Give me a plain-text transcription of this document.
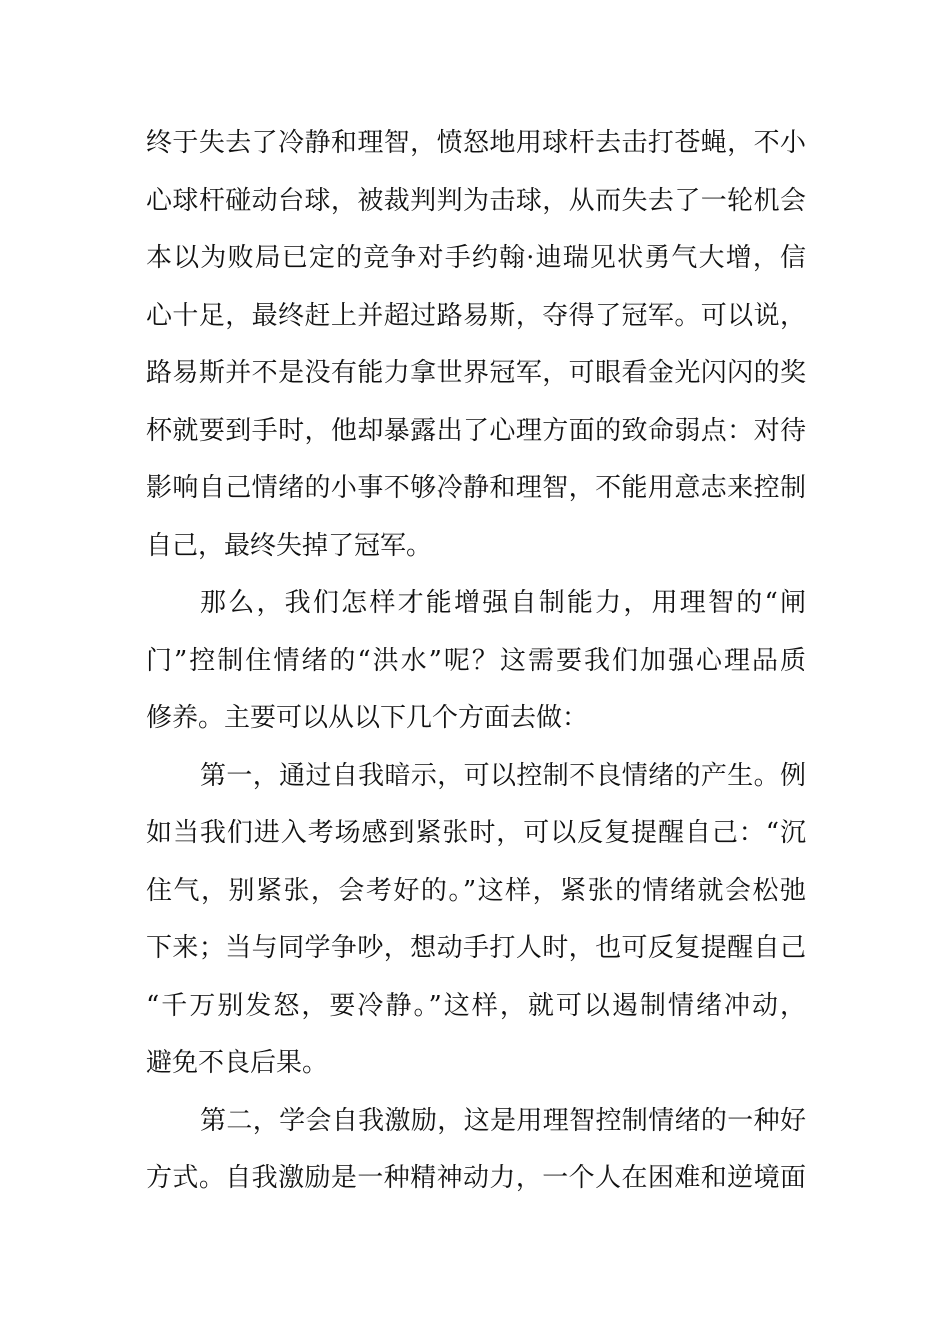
终于失去了冷静和理智，愤怒地用球杆去击打苍蝇，不小
心球杆碰动台球，被裁判判为击球，从而失去了一轮机会
本以为败局已定的竞争对手约翰·迪瑞见状勇气大增，信
心十足，最终赶上并超过路易斯，夺得了冠军。可以说，
路易斯并不是没有能力拿世界冠军，可眼看金光闪闪的奖
杯就要到手时，他却暴露出了心理方面的致命弱点：对待
影响自己情绪的小事不够冷静和理智，不能用意志来控制
自己，最终失掉了冠军。
那么，我们怎样才能增强自制能力，用理智的“闸
门”控制住情绪的“洪水”呢？这需要我们加强心理品质
修养。主要可以从以下几个方面去做：
第一，通过自我暗示，可以控制不良情绪的产生。例
如当我们进入考场感到紧张时，可以反复提醒自己：“沉
住气，别紧张，会考好的。”这样，紧张的情绪就会松弛
下来；当与同学争吵，想动手打人时，也可反复提醒自己
“千万别发怒，要冷静。”这样，就可以遏制情绪冲动，
避免不良后果。
第二，学会自我激励，这是用理智控制情绪的一种好
方式。自我激励是一种精神动力，一个人在困难和逆境面
